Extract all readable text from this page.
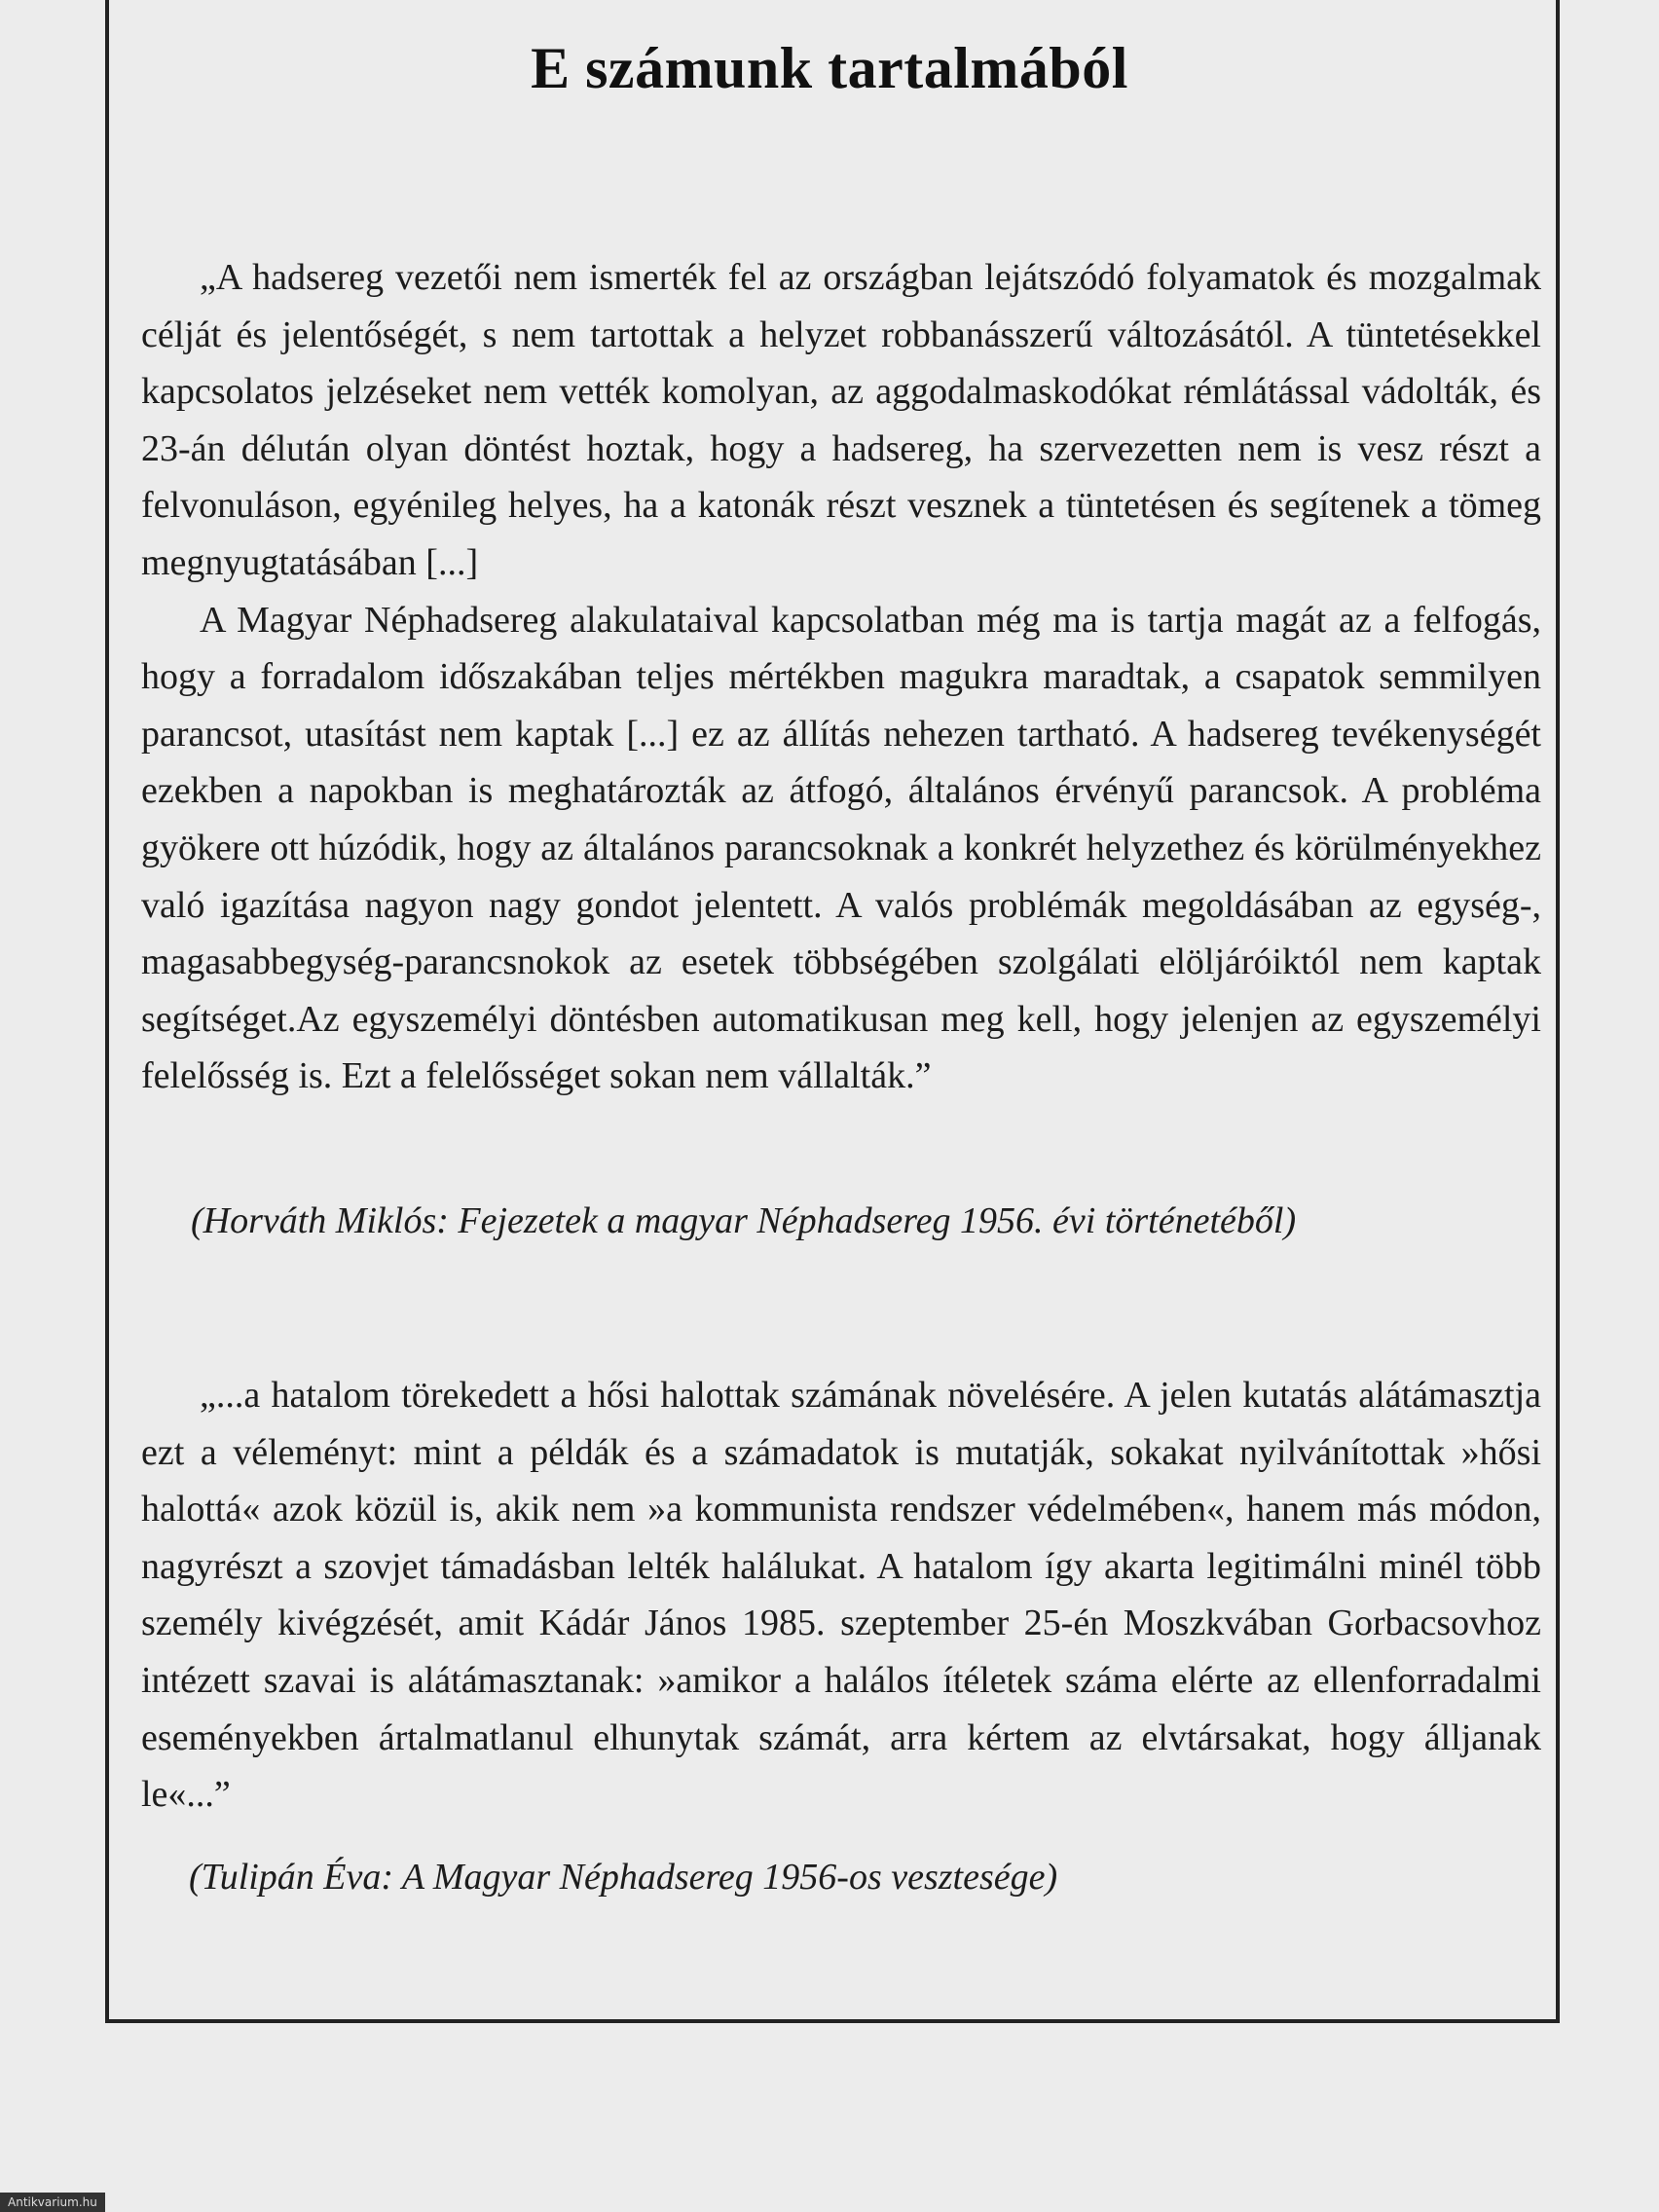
E számunk tartalmából

„A hadsereg vezetői nem ismerték fel az országban lejátszódó folyamatok és mozgalmak célját és jelentőségét, s nem tartottak a helyzet robbanásszerű változásától. A tüntetésekkel kapcsolatos jelzéseket nem vették komolyan, az aggodalmaskodókat rémlátással vádolták, és 23-án délután olyan döntést hoztak, hogy a hadsereg, ha szervezetten nem is vesz részt a felvonuláson, egyénileg helyes, ha a katonák részt vesznek a tüntetésen és segítenek a tömeg megnyugtatásában [...]

A Magyar Néphadsereg alakulataival kapcsolatban még ma is tartja magát az a felfogás, hogy a forradalom időszakában teljes mértékben magukra maradtak, a csapatok semmilyen parancsot, utasítást nem kaptak [...] ez az állítás nehezen tartható. A hadsereg tevékenységét ezekben a napokban is meghatározták az átfogó, általános érvényű parancsok. A probléma gyökere ott húzódik, hogy az általános parancsoknak a konkrét helyzethez és körülményekhez való igazítása nagyon nagy gondot jelentett. A valós problémák megoldásában az egység-, magasabbegység-parancsnokok az esetek többségében szolgálati elöljáróiktól nem kaptak segítséget.Az egyszemélyi döntésben automatikusan meg kell, hogy jelenjen az egyszemélyi felelősség is. Ezt a felelősséget sokan nem vállalták.”

(Horváth Miklós: Fejezetek a magyar Néphadsereg 1956. évi történetéből)

„...a hatalom törekedett a hősi halottak számának növelésére. A jelen kutatás alátámasztja ezt a véleményt: mint a példák és a számadatok is mutatják, sokakat nyilvánítottak »hősi halottá« azok közül is, akik nem »a kommunista rendszer védelmében«, hanem más módon, nagyrészt a szovjet támadásban lelték halálukat. A hatalom így akarta legitimálni minél több személy kivégzését, amit Kádár János 1985. szeptember 25-én Moszkvában Gorbacsovhoz intézett szavai is alátámasztanak: »amikor a halálos ítéletek száma elérte az ellenforradalmi eseményekben ártalmatlanul elhunytak számát, arra kértem az elvtársakat, hogy álljanak le«...”

(Tulipán Éva: A Magyar Néphadsereg 1956-os vesztesége)
Antikvarium.hu
